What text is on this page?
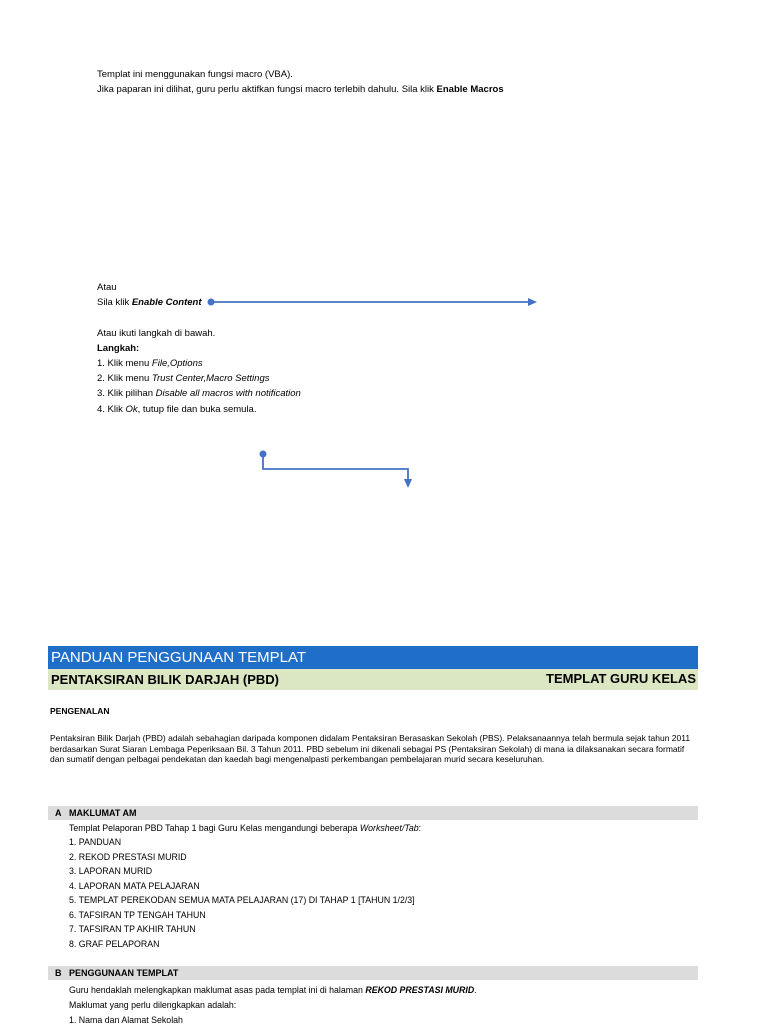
Templat ini menggunakan fungsi macro (VBA).
Jika paparan ini dilihat, guru perlu aktifkan fungsi macro terlebih dahulu. Sila klik Enable Macros
Atau
Sila klik Enable Content
Atau ikuti langkah di bawah.
Langkah:
1. Klik menu File,Options
2. Klik menu Trust Center,Macro Settings
3. Klik pilihan Disable all macros with notification
4. Klik Ok, tutup file dan buka semula.
PANDUAN PENGGUNAAN TEMPLAT
PENTAKSIRAN BILIK DARJAH (PBD)	TEMPLAT GURU KELAS
PENGENALAN
Pentaksiran Bilik Darjah (PBD) adalah sebahagian daripada komponen didalam Pentaksiran Berasaskan Sekolah (PBS). Pelaksanaannya telah bermula sejak tahun 2011 berdasarkan Surat Siaran Lembaga Peperiksaan Bil. 3 Tahun 2011. PBD sebelum ini dikenali sebagai PS (Pentaksiran Sekolah) di mana ia dilaksanakan secara formatif dan sumatif dengan pelbagai pendekatan dan kaedah bagi mengenalpasti perkembangan pembelajaran murid secara keseluruhan.
A MAKLUMAT AM
Templat Pelaporan PBD Tahap 1 bagi Guru Kelas mengandungi beberapa Worksheet/Tab:
1. PANDUAN
2. REKOD PRESTASI MURID
3. LAPORAN MURID
4. LAPORAN MATA PELAJARAN
5. TEMPLAT PEREKODAN SEMUA MATA PELAJARAN (17) DI TAHAP 1 [TAHUN 1/2/3]
6. TAFSIRAN TP TENGAH TAHUN
7. TAFSIRAN TP AKHIR TAHUN
8. GRAF PELAPORAN
B PENGGUNAAN TEMPLAT
Guru hendaklah melengkapkan maklumat asas pada templat ini di halaman REKOD PRESTASI MURID.
Maklumat yang perlu dilengkapkan adalah:
1. Nama dan Alamat Sekolah
